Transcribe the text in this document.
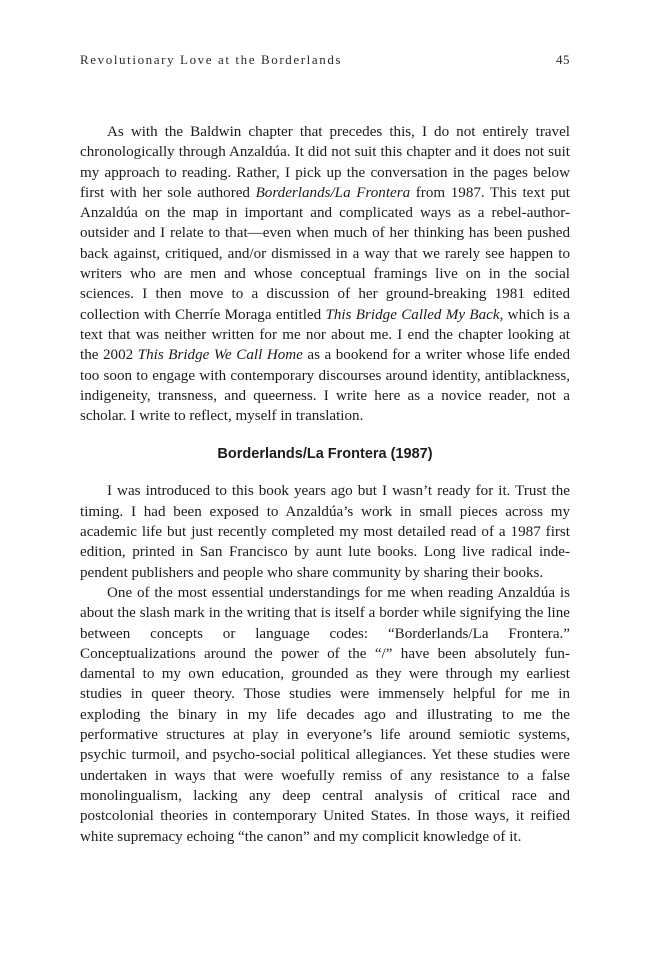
Revolutionary Love at the Borderlands	45

As with the Baldwin chapter that precedes this, I do not entirely travel chronologically through Anzaldúa. It did not suit this chapter and it does not suit my approach to reading. Rather, I pick up the conversation in the pages below first with her sole authored Borderlands/La Frontera from 1987. This text put Anzaldúa on the map in important and complicated ways as a rebel-author-outsider and I relate to that—even when much of her thinking has been pushed back against, critiqued, and/or dismissed in a way that we rarely see happen to writers who are men and whose conceptual framings live on in the social sciences. I then move to a discussion of her ground-breaking 1981 edited collection with Cherríe Moraga entitled This Bridge Called My Back, which is a text that was neither written for me nor about me. I end the chapter looking at the 2002 This Bridge We Call Home as a bookend for a writer whose life ended too soon to engage with contemporary discourses around identity, antiblackness, indigeneity, transness, and queerness. I write here as a novice reader, not a scholar. I write to reflect, myself in translation.

Borderlands/La Frontera (1987)

I was introduced to this book years ago but I wasn’t ready for it. Trust the timing. I had been exposed to Anzaldúa’s work in small pieces across my academic life but just recently completed my most detailed read of a 1987 first edition, printed in San Francisco by aunt lute books. Long live radical independent publishers and people who share community by sharing their books.

One of the most essential understandings for me when reading Anzaldúa is about the slash mark in the writing that is itself a border while signifying the line between concepts or language codes: “Borderlands/La Frontera.” Conceptualizations around the power of the “/” have been absolutely fundamental to my own education, grounded as they were through my earliest studies in queer theory. Those studies were immensely helpful for me in exploding the binary in my life decades ago and illustrating to me the performative structures at play in everyone’s life around semiotic systems, psychic turmoil, and psycho-social political allegiances. Yet these studies were undertaken in ways that were woefully remiss of any resistance to a false monolingualism, lacking any deep central analysis of critical race and postcolonial theories in contemporary United States. In those ways, it reified white supremacy echoing “the canon” and my complicit knowledge of it.
